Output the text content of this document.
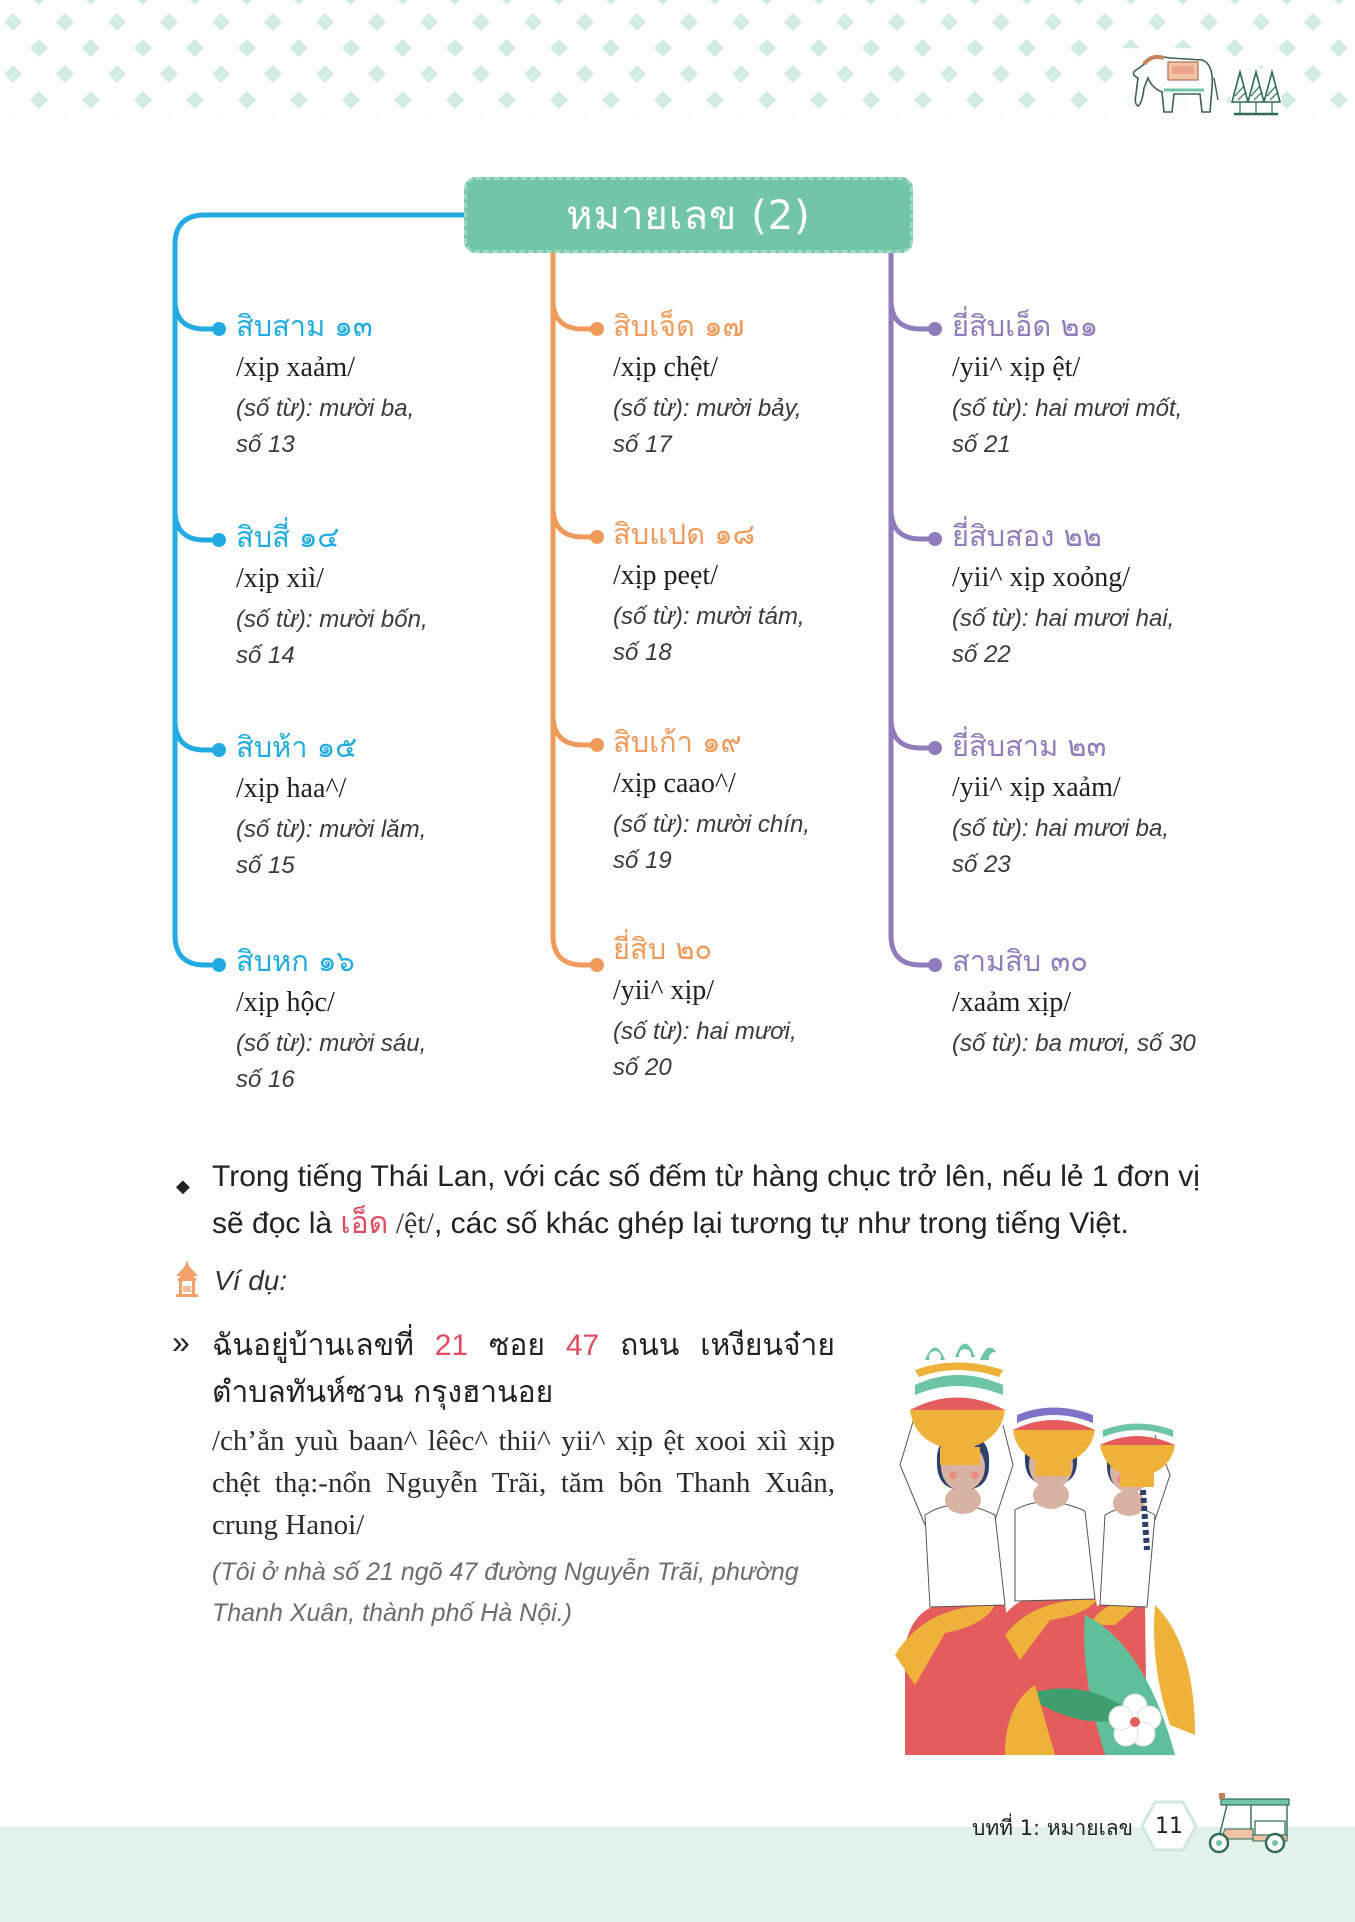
หมายเลข (2)
สิบสาม ๑๓
/xịp xaảm/
(số từ): mười ba,
số 13
สิบสี่ ๑๔
/xịp xiì/
(số từ): mười bốn,
số 14
สิบห้า ๑๕
/xịp haa^/
(số từ): mười lăm,
số 15
สิบหก ๑๖
/xịp hộc/
(số từ): mười sáu,
số 16
สิบเจ็ด ๑๗
/xịp chệt/
(số từ): mười bảy,
số 17
สิบแปด ๑๘
/xịp peẹt/
(số từ): mười tám,
số 18
สิบเก้า ๑๙
/xịp caao^/
(số từ): mười chín,
số 19
ยี่สิบ ๒๐
/yii^ xịp/
(số từ): hai mươi,
số 20
ยี่สิบเอ็ด ๒๑
/yii^ xịp ệt/
(số từ): hai mươi mốt,
số 21
ยี่สิบสอง ๒๒
/yii^ xịp xoỏng/
(số từ): hai mươi hai,
số 22
ยี่สิบสาม ๒๓
/yii^ xịp xaảm/
(số từ): hai mươi ba,
số 23
สามสิบ ๓๐
/xaảm xịp/
(số từ): ba mươi, số 30
◆ Trong tiếng Thái Lan, với các số đếm từ hàng chục trở lên, nếu lẻ 1 đơn vị sẽ đọc là เอ็ด /ệt/, các số khác ghép lại tương tự như trong tiếng Việt.
Ví dụ:
» ฉันอยู่บ้านเลขที่ 21 ซอย 47 ถนน เหงียนจ๋าย ตำบลทันห์ซวน กรุงฮานอย
/ch’ẳn yuù baan^ lêêc^ thii^ yii^ xịp ệt xooi xiì xịp chệt thạ:-nổn Nguyễn Trãi, tăm bôn Thanh Xuân, crung Hanoi/
(Tôi ở nhà số 21 ngõ 47 đường Nguyễn Trãi, phường Thanh Xuân, thành phố Hà Nội.)
บทที่ 1: หมายเลข	11
